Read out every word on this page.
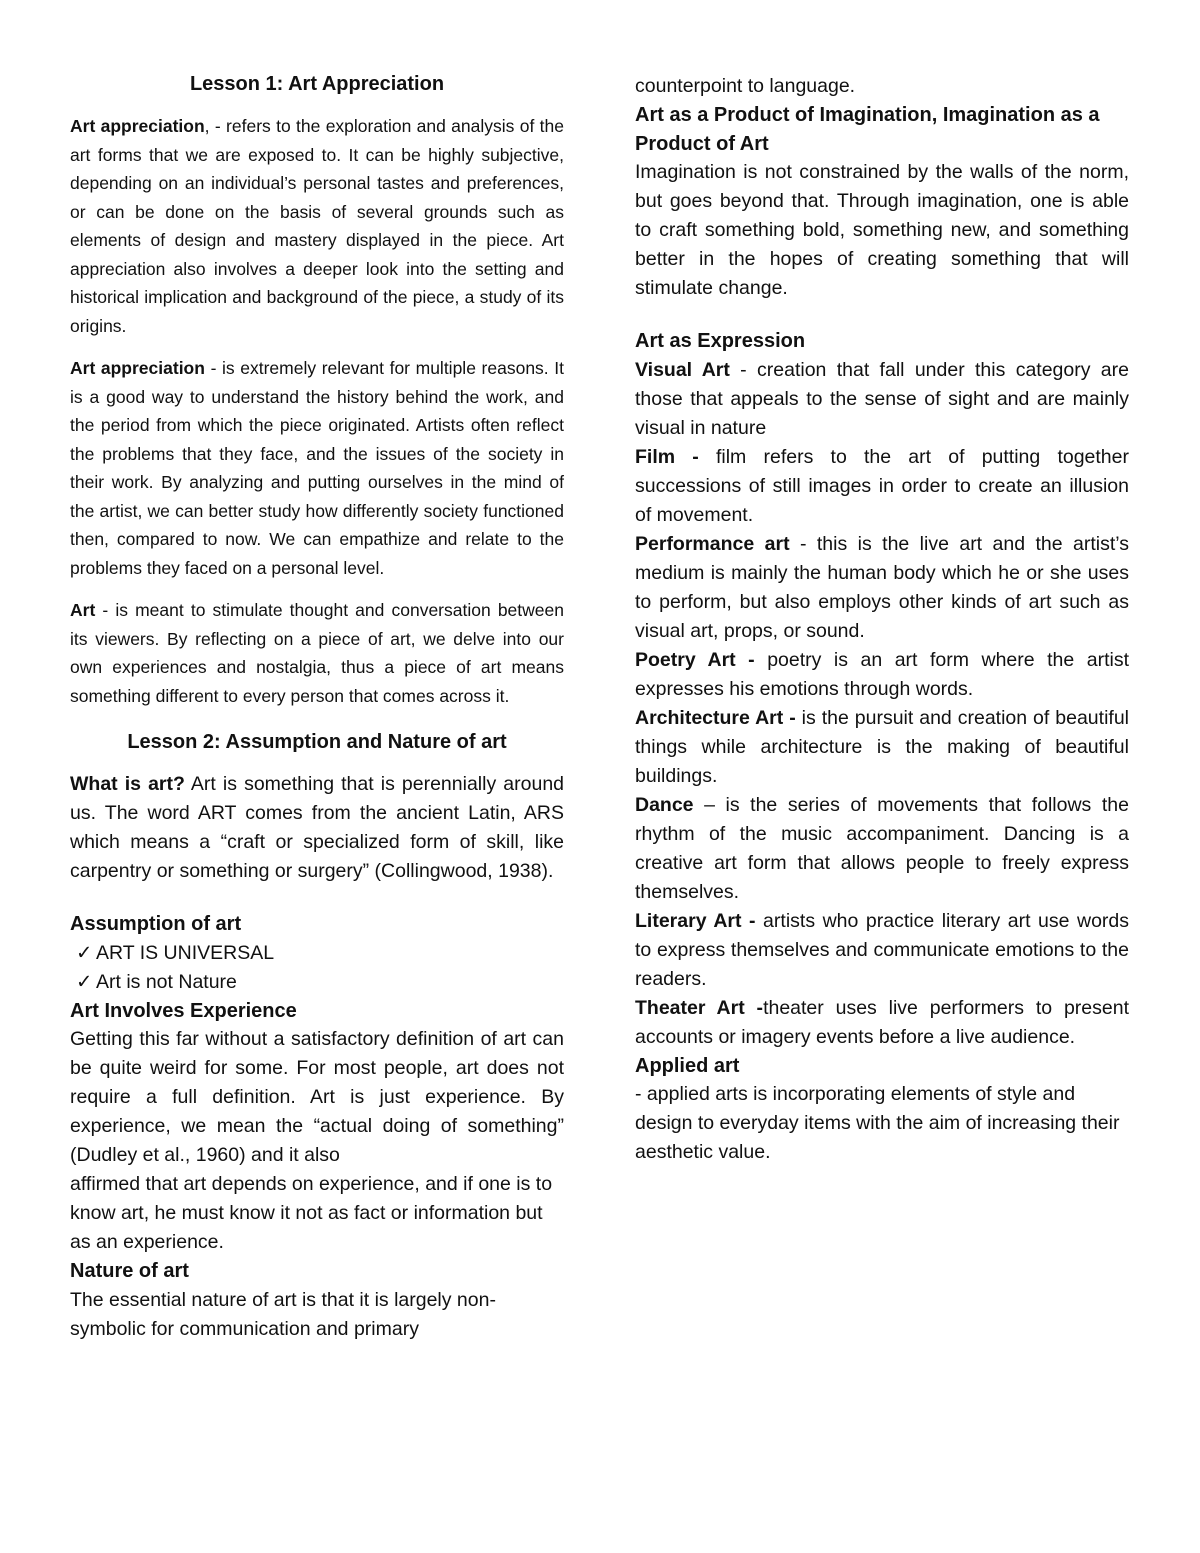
Lesson 1: Art Appreciation

Art appreciation, - refers to the exploration and analysis of the art forms that we are exposed to. It can be highly subjective, depending on an individual’s personal tastes and preferences, or can be done on the basis of several grounds such as elements of design and mastery displayed in the piece. Art appreciation also involves a deeper look into the setting and historical implication and background of the piece, a study of its origins.

Art appreciation - is extremely relevant for multiple reasons. It is a good way to understand the history behind the work, and the period from which the piece originated. Artists often reflect the problems that they face, and the issues of the society in their work. By analyzing and putting ourselves in the mind of the artist, we can better study how differently society functioned then, compared to now. We can empathize and relate to the problems they faced on a personal level.

Art - is meant to stimulate thought and conversation between its viewers. By reflecting on a piece of art, we delve into our own experiences and nostalgia, thus a piece of art means something different to every person that comes across it.

Lesson 2: Assumption and Nature of art

What is art? Art is something that is perennially around us. The word ART comes from the ancient Latin, ARS which means a “craft or specialized form of skill, like carpentry or something or surgery” (Collingwood, 1938).

Assumption of art

✓ ART IS UNIVERSAL
✓ Art is not Nature

Art Involves Experience

Getting this far without a satisfactory definition of art can be quite weird for some. For most people, art does not require a full definition. Art is just experience. By experience, we mean the “actual doing of something” (Dudley et al., 1960) and it also

affirmed that art depends on experience, and if one is to know art, he must know it not as fact or information but as an experience.

Nature of art

The essential nature of art is that it is largely non-symbolic for communication and primary

counterpoint to language.

Art as a Product of Imagination, Imagination as a Product of Art

Imagination is not constrained by the walls of the norm, but goes beyond that. Through imagination, one is able to craft something bold, something new, and something better in the hopes of creating something that will stimulate change.

Art as Expression

Visual Art - creation that fall under this category are those that appeals to the sense of sight and are mainly visual in nature

Film - film refers to the art of putting together successions of still images in order to create an illusion of movement.

Performance art - this is the live art and the artist’s medium is mainly the human body which he or she uses to perform, but also employs other kinds of art such as visual art, props, or sound.

Poetry Art - poetry is an art form where the artist expresses his emotions through words.

Architecture Art - is the pursuit and creation of beautiful things while architecture is the making of beautiful buildings.

Dance – is the series of movements that follows the rhythm of the music accompaniment. Dancing is a creative art form that allows people to freely express themselves.

Literary Art - artists who practice literary art use words to express themselves and communicate emotions to the readers.

Theater Art -theater uses live performers to present accounts or imagery events before a live audience.

Applied art

- applied arts is incorporating elements of style and design to everyday items with the aim of increasing their aesthetic value.
